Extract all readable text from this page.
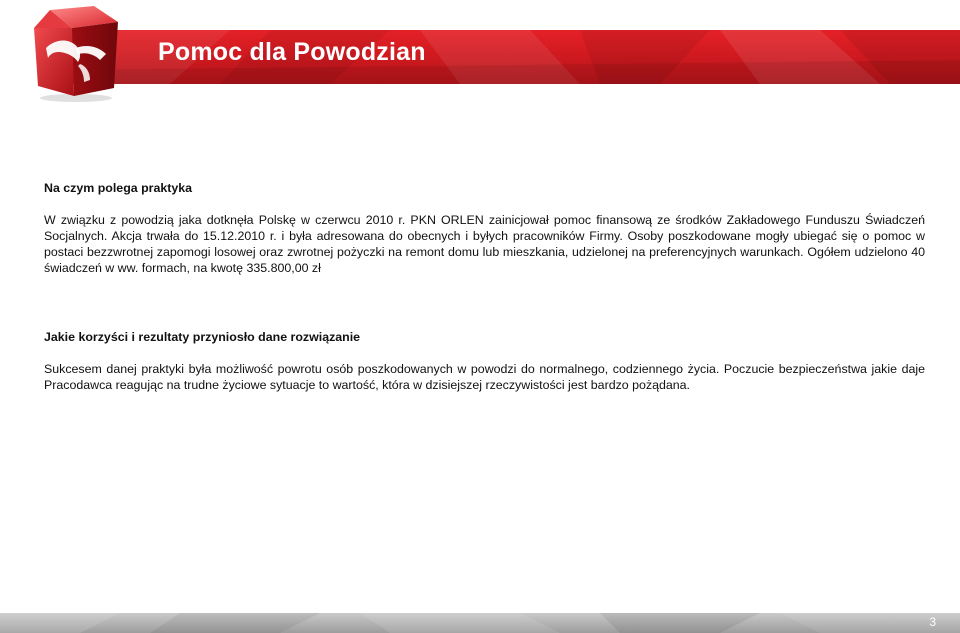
Pomoc dla Powodzian

Na czym polega praktyka

W związku z powodzią jaka dotknęła Polskę w czerwcu 2010 r. PKN ORLEN zainicjował pomoc finansową ze środków Zakładowego Funduszu Świadczeń Socjalnych. Akcja trwała do 15.12.2010 r. i była adresowana do obecnych i byłych pracowników Firmy. Osoby poszkodowane mogły ubiegać się o pomoc w postaci bezzwrotnej zapomogi losowej oraz zwrotnej pożyczki na remont domu lub mieszkania, udzielonej na preferencyjnych warunkach. Ogółem udzielono 40 świadczeń w ww. formach, na kwotę 335.800,00 zł

Jakie korzyści i rezultaty przyniosło dane rozwiązanie

Sukcesem danej praktyki była możliwość powrotu osób poszkodowanych w powodzi do normalnego, codziennego życia. Poczucie bezpieczeństwa jakie daje Pracodawca reagując na trudne życiowe sytuacje to wartość, która w dzisiejszej rzeczywistości jest bardzo pożądana.

3
